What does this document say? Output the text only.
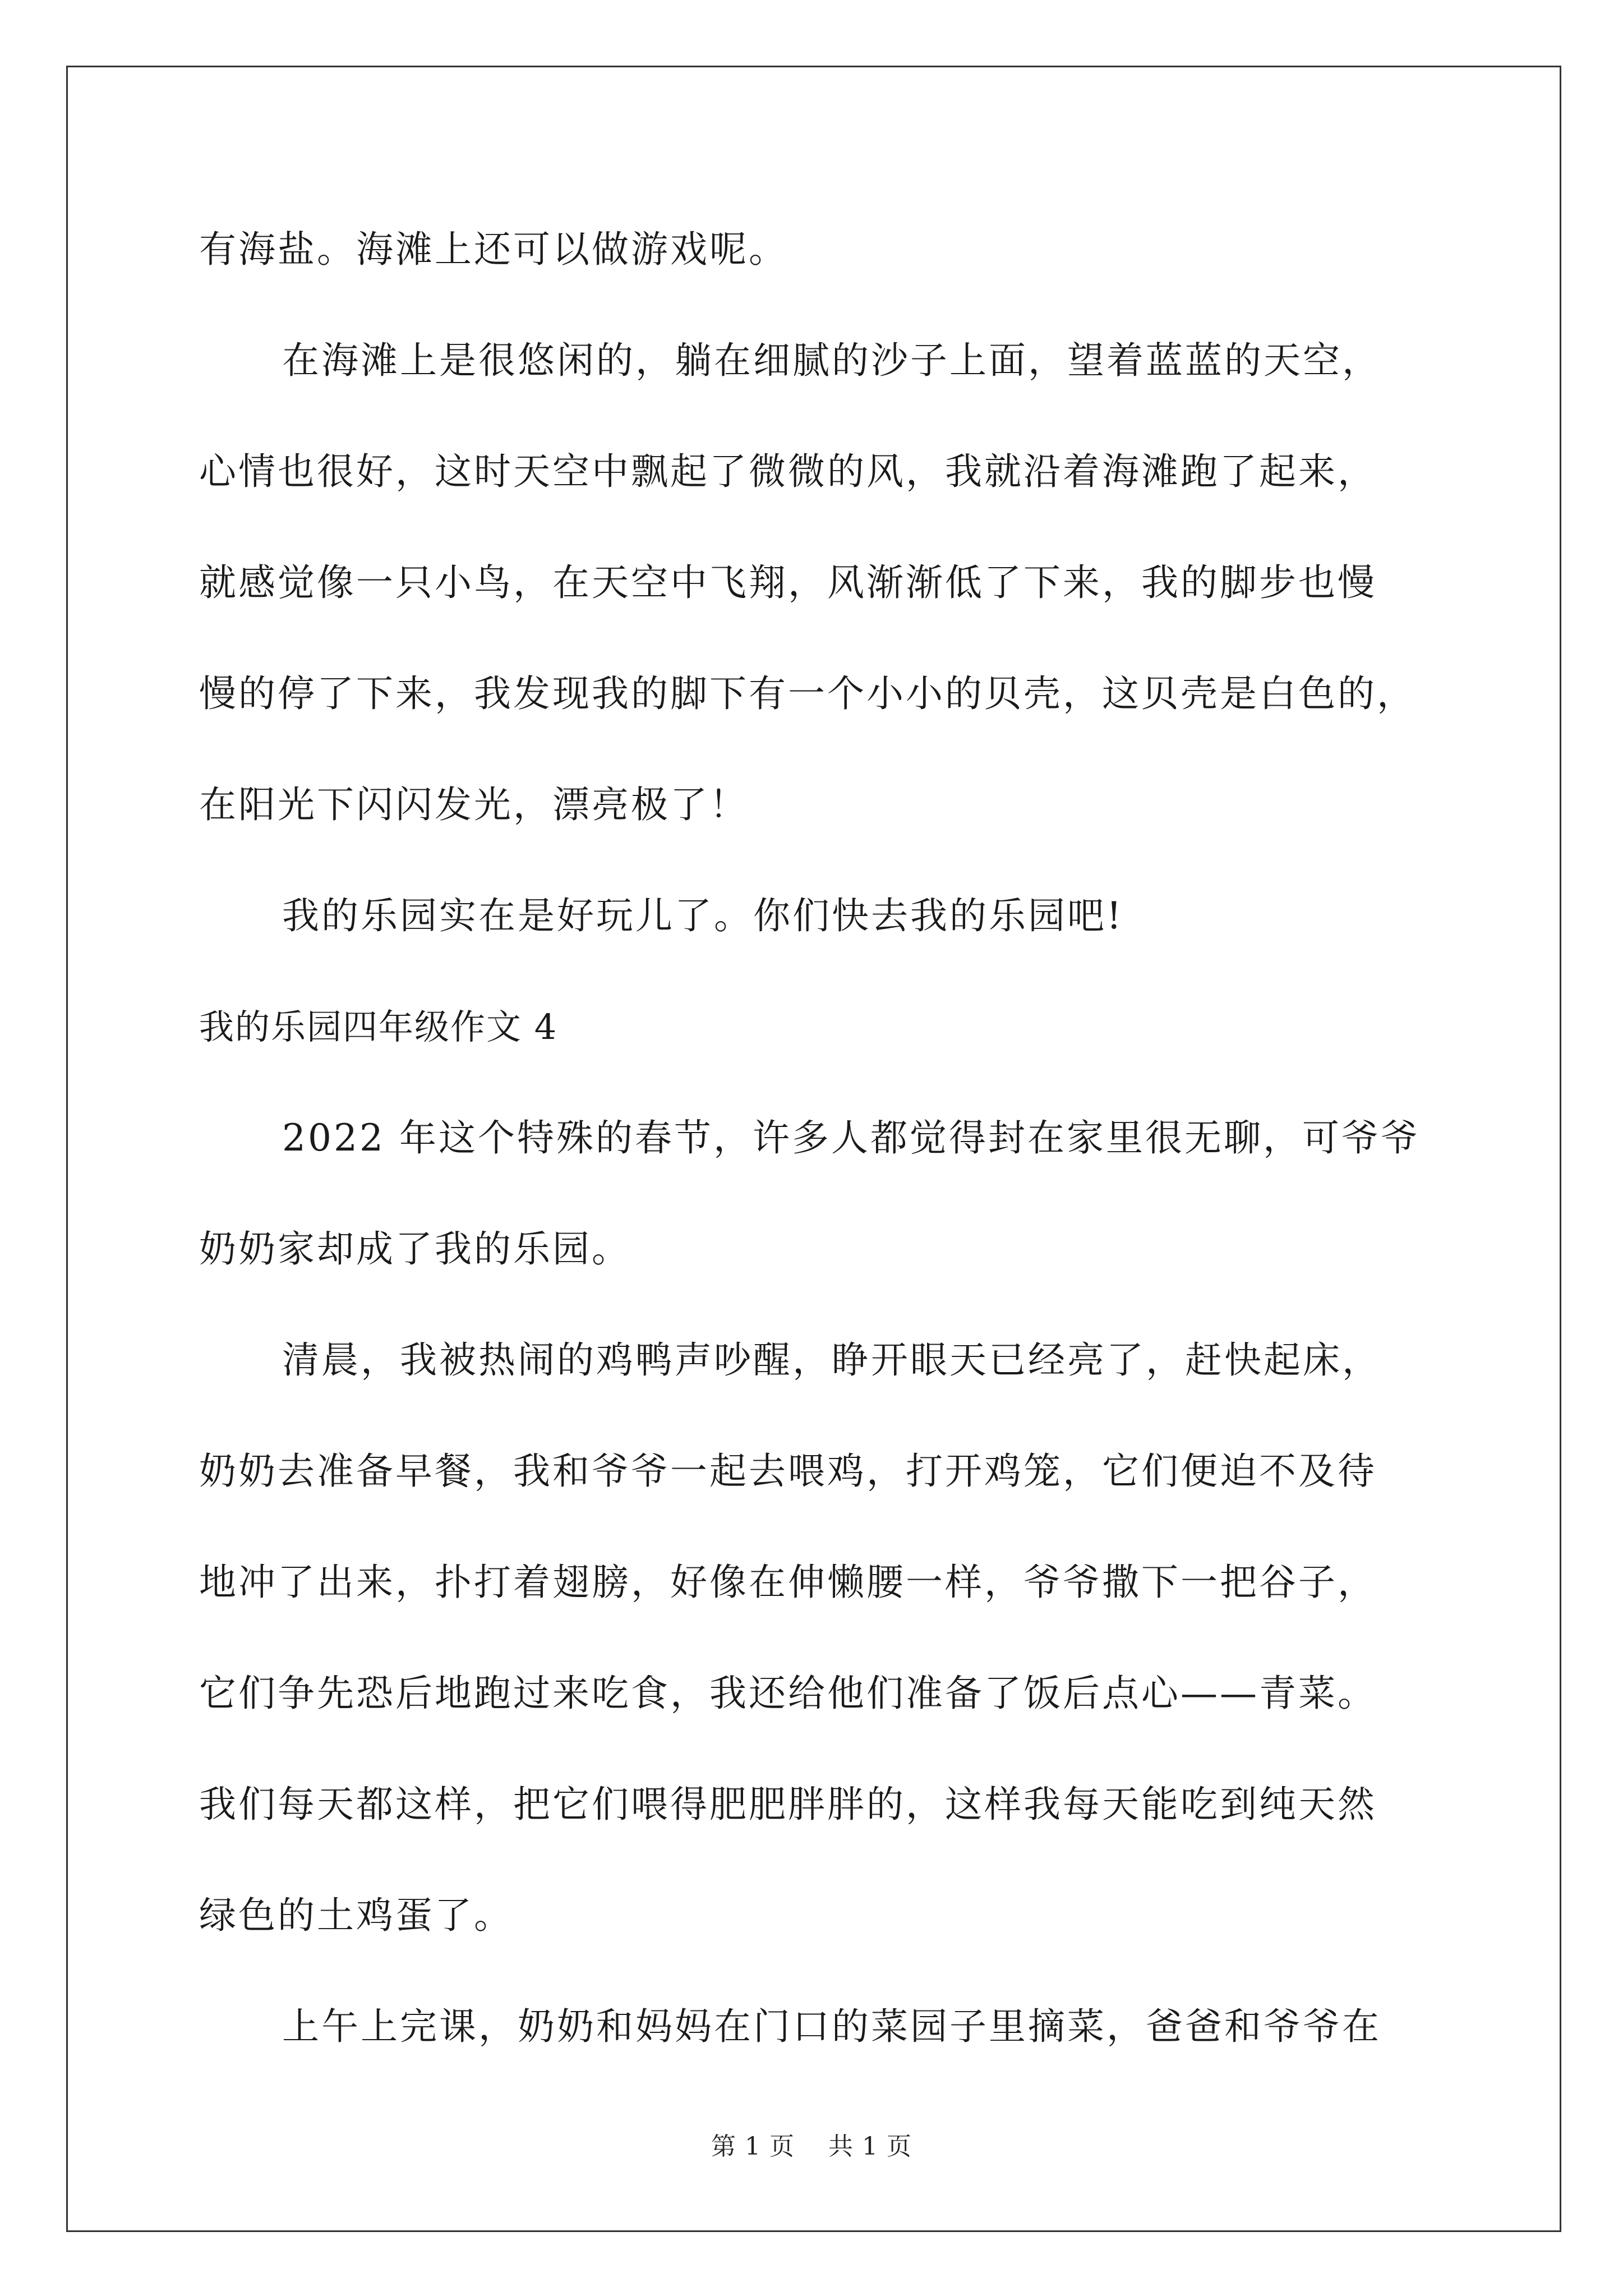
有海盐。海滩上还可以做游戏呢。
在海滩上是很悠闲的，躺在细腻的沙子上面，望着蓝蓝的天空，
心情也很好，这时天空中飘起了微微的风，我就沿着海滩跑了起来，
就感觉像一只小鸟，在天空中飞翔，风渐渐低了下来，我的脚步也慢
慢的停了下来，我发现我的脚下有一个小小的贝壳，这贝壳是白色的，
在阳光下闪闪发光，漂亮极了！
我的乐园实在是好玩儿了。你们快去我的乐园吧!
我的乐园四年级作文 4
2022 年这个特殊的春节，许多人都觉得封在家里很无聊，可爷爷
奶奶家却成了我的乐园。
清晨，我被热闹的鸡鸭声吵醒，睁开眼天已经亮了，赶快起床，
奶奶去准备早餐，我和爷爷一起去喂鸡，打开鸡笼，它们便迫不及待
地冲了出来，扑打着翅膀，好像在伸懒腰一样，爷爷撒下一把谷子，
它们争先恐后地跑过来吃食，我还给他们准备了饭后点心——青菜。
我们每天都这样，把它们喂得肥肥胖胖的，这样我每天能吃到纯天然
绿色的土鸡蛋了。
上午上完课，奶奶和妈妈在门口的菜园子里摘菜，爸爸和爷爷在
第 1 页 共 1 页
